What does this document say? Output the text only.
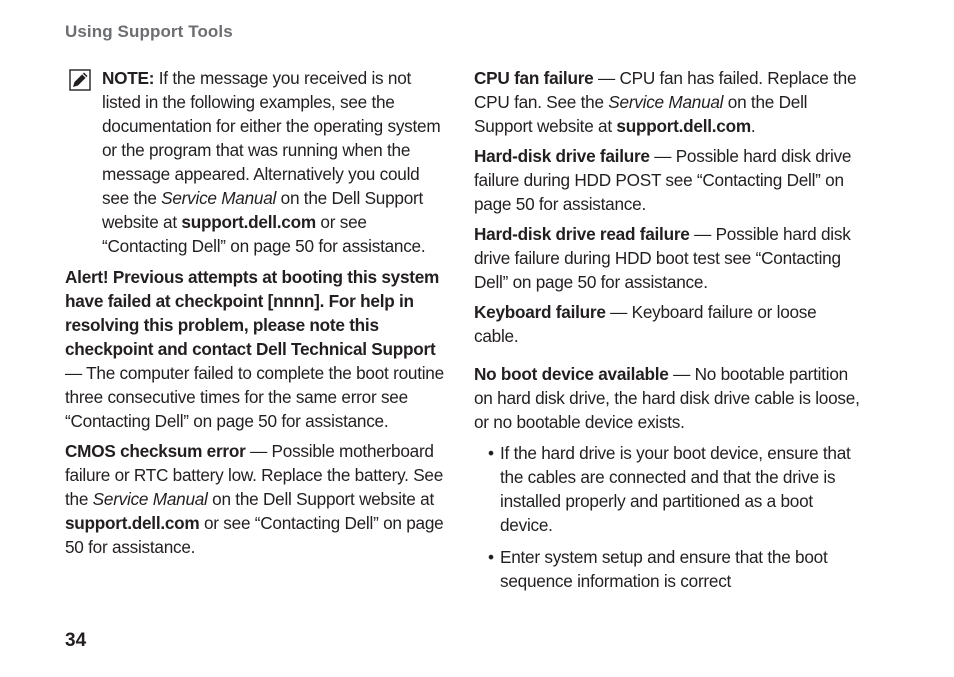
Using Support Tools
NOTE: If the message you received is not listed in the following examples, see the documentation for either the operating system or the program that was running when the message appeared. Alternatively you could see the Service Manual on the Dell Support website at support.dell.com or see “Contacting Dell” on page 50 for assistance.

Alert! Previous attempts at booting this system have failed at checkpoint [nnnn]. For help in resolving this problem, please note this checkpoint and contact Dell Technical Support — The computer failed to complete the boot routine three consecutive times for the same error see “Contacting Dell” on page 50 for assistance.

CMOS checksum error — Possible motherboard failure or RTC battery low. Replace the battery. See the Service Manual on the Dell Support website at support.dell.com or see “Contacting Dell” on page 50 for assistance.

CPU fan failure — CPU fan has failed. Replace the CPU fan. See the Service Manual on the Dell Support website at support.dell.com.

Hard-disk drive failure — Possible hard disk drive failure during HDD POST see “Contacting Dell” on page 50 for assistance.

Hard-disk drive read failure — Possible hard disk drive failure during HDD boot test see “Contacting Dell” on page 50 for assistance.

Keyboard failure — Keyboard failure or loose cable.

No boot device available — No bootable partition on hard disk drive, the hard disk drive cable is loose, or no bootable device exists.

• If the hard drive is your boot device, ensure that the cables are connected and that the drive is installed properly and partitioned as a boot device.
• Enter system setup and ensure that the boot sequence information is correct
34
